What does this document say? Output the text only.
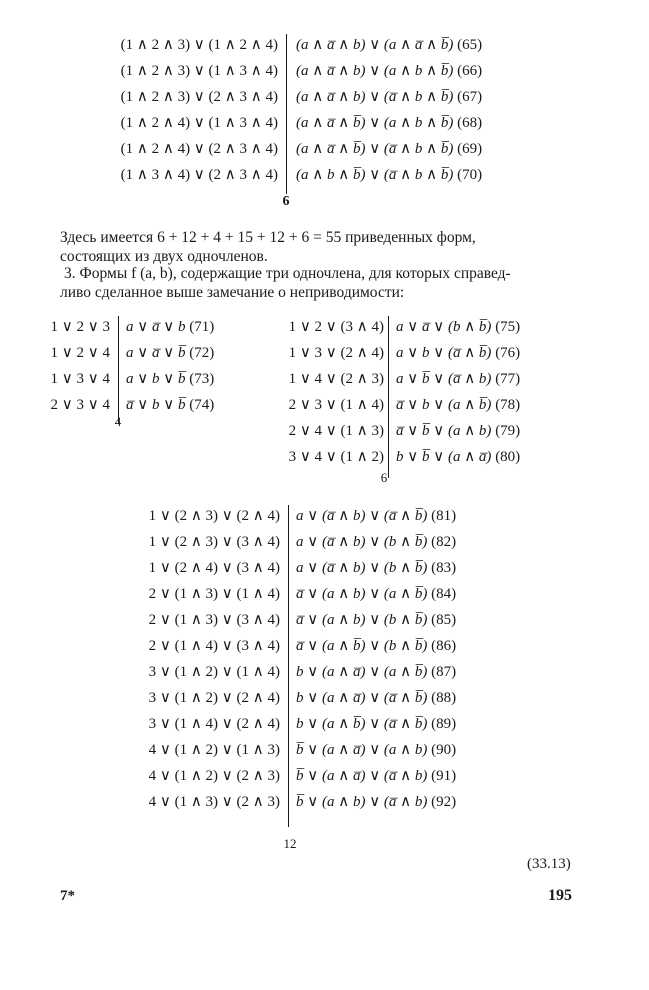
(1 ∧ 2 ∧ 3) ∨ (1 ∧ 2 ∧ 4)
(1 ∧ 2 ∧ 3) ∨ (1 ∧ 3 ∧ 4)
(1 ∧ 2 ∧ 3) ∨ (2 ∧ 3 ∧ 4)
(1 ∧ 2 ∧ 4) ∨ (1 ∧ 3 ∧ 4)
(1 ∧ 2 ∧ 4) ∨ (2 ∧ 3 ∧ 4)
(1 ∧ 3 ∧ 4) ∨ (2 ∧ 3 ∧ 4)
(a ∧ a̅ ∧ b) ∨ (a ∧ a̅ ∧ b̅) (65)
(a ∧ a̅ ∧ b) ∨ (a ∧ b ∧ b̅) (66)
(a ∧ a̅ ∧ b) ∨ (a̅ ∧ b ∧ b̅) (67)
(a ∧ a̅ ∧ b̅) ∨ (a ∧ b ∧ b̅) (68)
(a ∧ a̅ ∧ b̅) ∨ (a̅ ∧ b ∧ b̅) (69)
(a ∧ b ∧ b̅) ∨ (a̅ ∧ b ∧ b̅) (70)
6
Здесь имеется 6 + 12 + 4 + 15 + 12 + 6 = 55 приведенных форм,
состоящих из двух одночленов.
3. Формы f (a, b), содержащие три одночлена, для которых справед-
ливо сделанное выше замечание о неприводимости:
1 ∨ 2 ∨ 3
1 ∨ 2 ∨ 4
1 ∨ 3 ∨ 4
2 ∨ 3 ∨ 4
a ∨ a̅ ∨ b (71)
a ∨ a̅ ∨ b̅ (72)
a ∨ b ∨ b̅ (73)
a̅ ∨ b ∨ b̅ (74)
4
1 ∨ 2 ∨ (3 ∧ 4)
1 ∨ 3 ∨ (2 ∧ 4)
1 ∨ 4 ∨ (2 ∧ 3)
2 ∨ 3 ∨ (1 ∧ 4)
2 ∨ 4 ∨ (1 ∧ 3)
3 ∨ 4 ∨ (1 ∧ 2)
a ∨ a̅ ∨ (b ∧ b̅) (75)
a ∨ b ∨ (a̅ ∧ b̅) (76)
a ∨ b̅ ∨ (a̅ ∧ b) (77)
a̅ ∨ b ∨ (a ∧ b̅) (78)
a̅ ∨ b̅ ∨ (a ∧ b) (79)
b ∨ b̅ ∨ (a ∧ a̅) (80)
6
1 ∨ (2 ∧ 3) ∨ (2 ∧ 4)
1 ∨ (2 ∧ 3) ∨ (3 ∧ 4)
1 ∨ (2 ∧ 4) ∨ (3 ∧ 4)
2 ∨ (1 ∧ 3) ∨ (1 ∧ 4)
2 ∨ (1 ∧ 3) ∨ (3 ∧ 4)
2 ∨ (1 ∧ 4) ∨ (3 ∧ 4)
3 ∨ (1 ∧ 2) ∨ (1 ∧ 4)
3 ∨ (1 ∧ 2) ∨ (2 ∧ 4)
3 ∨ (1 ∧ 4) ∨ (2 ∧ 4)
4 ∨ (1 ∧ 2) ∨ (1 ∧ 3)
4 ∨ (1 ∧ 2) ∨ (2 ∧ 3)
4 ∨ (1 ∧ 3) ∨ (2 ∧ 3)
a ∨ (a̅ ∧ b) ∨ (a̅ ∧ b̅) (81)
a ∨ (a̅ ∧ b) ∨ (b ∧ b̅) (82)
a ∨ (a̅ ∧ b) ∨ (b ∧ b̅) (83)
a̅ ∨ (a ∧ b) ∨ (a ∧ b̅) (84)
a̅ ∨ (a ∧ b) ∨ (b ∧ b̅) (85)
a̅ ∨ (a ∧ b̅) ∨ (b ∧ b̅) (86)
b ∨ (a ∧ a̅) ∨ (a ∧ b̅) (87)
b ∨ (a ∧ a̅) ∨ (a̅ ∧ b̅) (88)
b ∨ (a ∧ b̅) ∨ (a̅ ∧ b̅) (89)
b̅ ∨ (a ∧ a̅) ∨ (a ∧ b) (90)
b̅ ∨ (a ∧ a̅) ∨ (a̅ ∧ b) (91)
b̅ ∨ (a ∧ b) ∨ (a̅ ∧ b) (92)
12
(33.13)
7*	195
